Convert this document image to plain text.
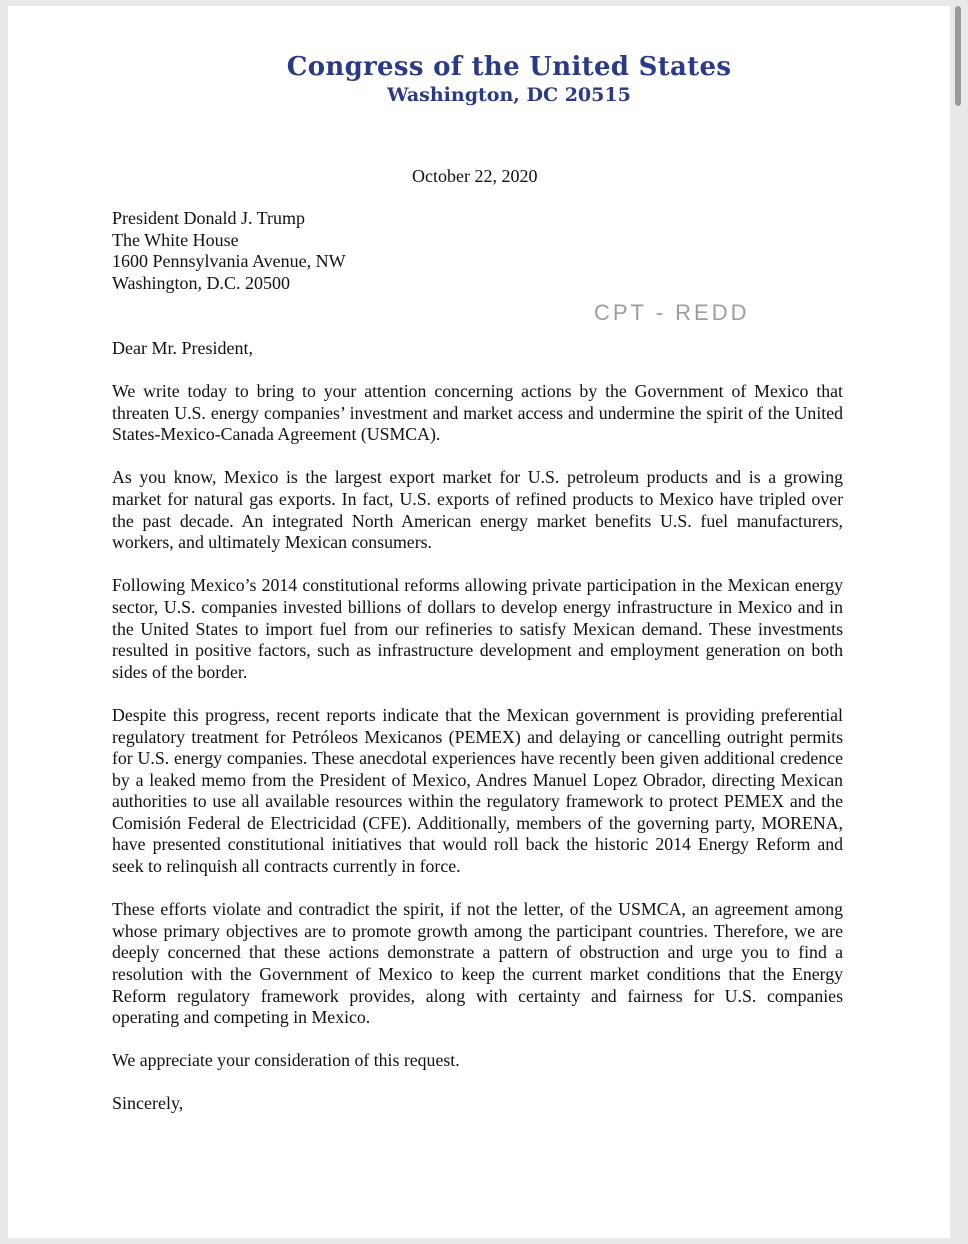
Congress of the United States
Washington, DC 20515
October 22, 2020
President Donald J. Trump
The White House
1600 Pennsylvania Avenue, NW
Washington, D.C. 20500
CPT - REDD
Dear Mr. President,

We write today to bring to your attention concerning actions by the Government of Mexico that threaten U.S. energy companies’ investment and market access and undermine the spirit of the United States-Mexico-Canada Agreement (USMCA).

As you know, Mexico is the largest export market for U.S. petroleum products and is a growing market for natural gas exports. In fact, U.S. exports of refined products to Mexico have tripled over the past decade. An integrated North American energy market benefits U.S. fuel manufacturers, workers, and ultimately Mexican consumers.

Following Mexico’s 2014 constitutional reforms allowing private participation in the Mexican energy sector, U.S. companies invested billions of dollars to develop energy infrastructure in Mexico and in the United States to import fuel from our refineries to satisfy Mexican demand. These investments resulted in positive factors, such as infrastructure development and employment generation on both sides of the border.

Despite this progress, recent reports indicate that the Mexican government is providing preferential regulatory treatment for Petróleos Mexicanos (PEMEX) and delaying or cancelling outright permits for U.S. energy companies. These anecdotal experiences have recently been given additional credence by a leaked memo from the President of Mexico, Andres Manuel Lopez Obrador, directing Mexican authorities to use all available resources within the regulatory framework to protect PEMEX and the Comisión Federal de Electricidad (CFE). Additionally, members of the governing party, MORENA, have presented constitutional initiatives that would roll back the historic 2014 Energy Reform and seek to relinquish all contracts currently in force.

These efforts violate and contradict the spirit, if not the letter, of the USMCA, an agreement among whose primary objectives are to promote growth among the participant countries. Therefore, we are deeply concerned that these actions demonstrate a pattern of obstruction and urge you to find a resolution with the Government of Mexico to keep the current market conditions that the Energy Reform regulatory framework provides, along with certainty and fairness for U.S. companies operating and competing in Mexico.

We appreciate your consideration of this request.

Sincerely,
